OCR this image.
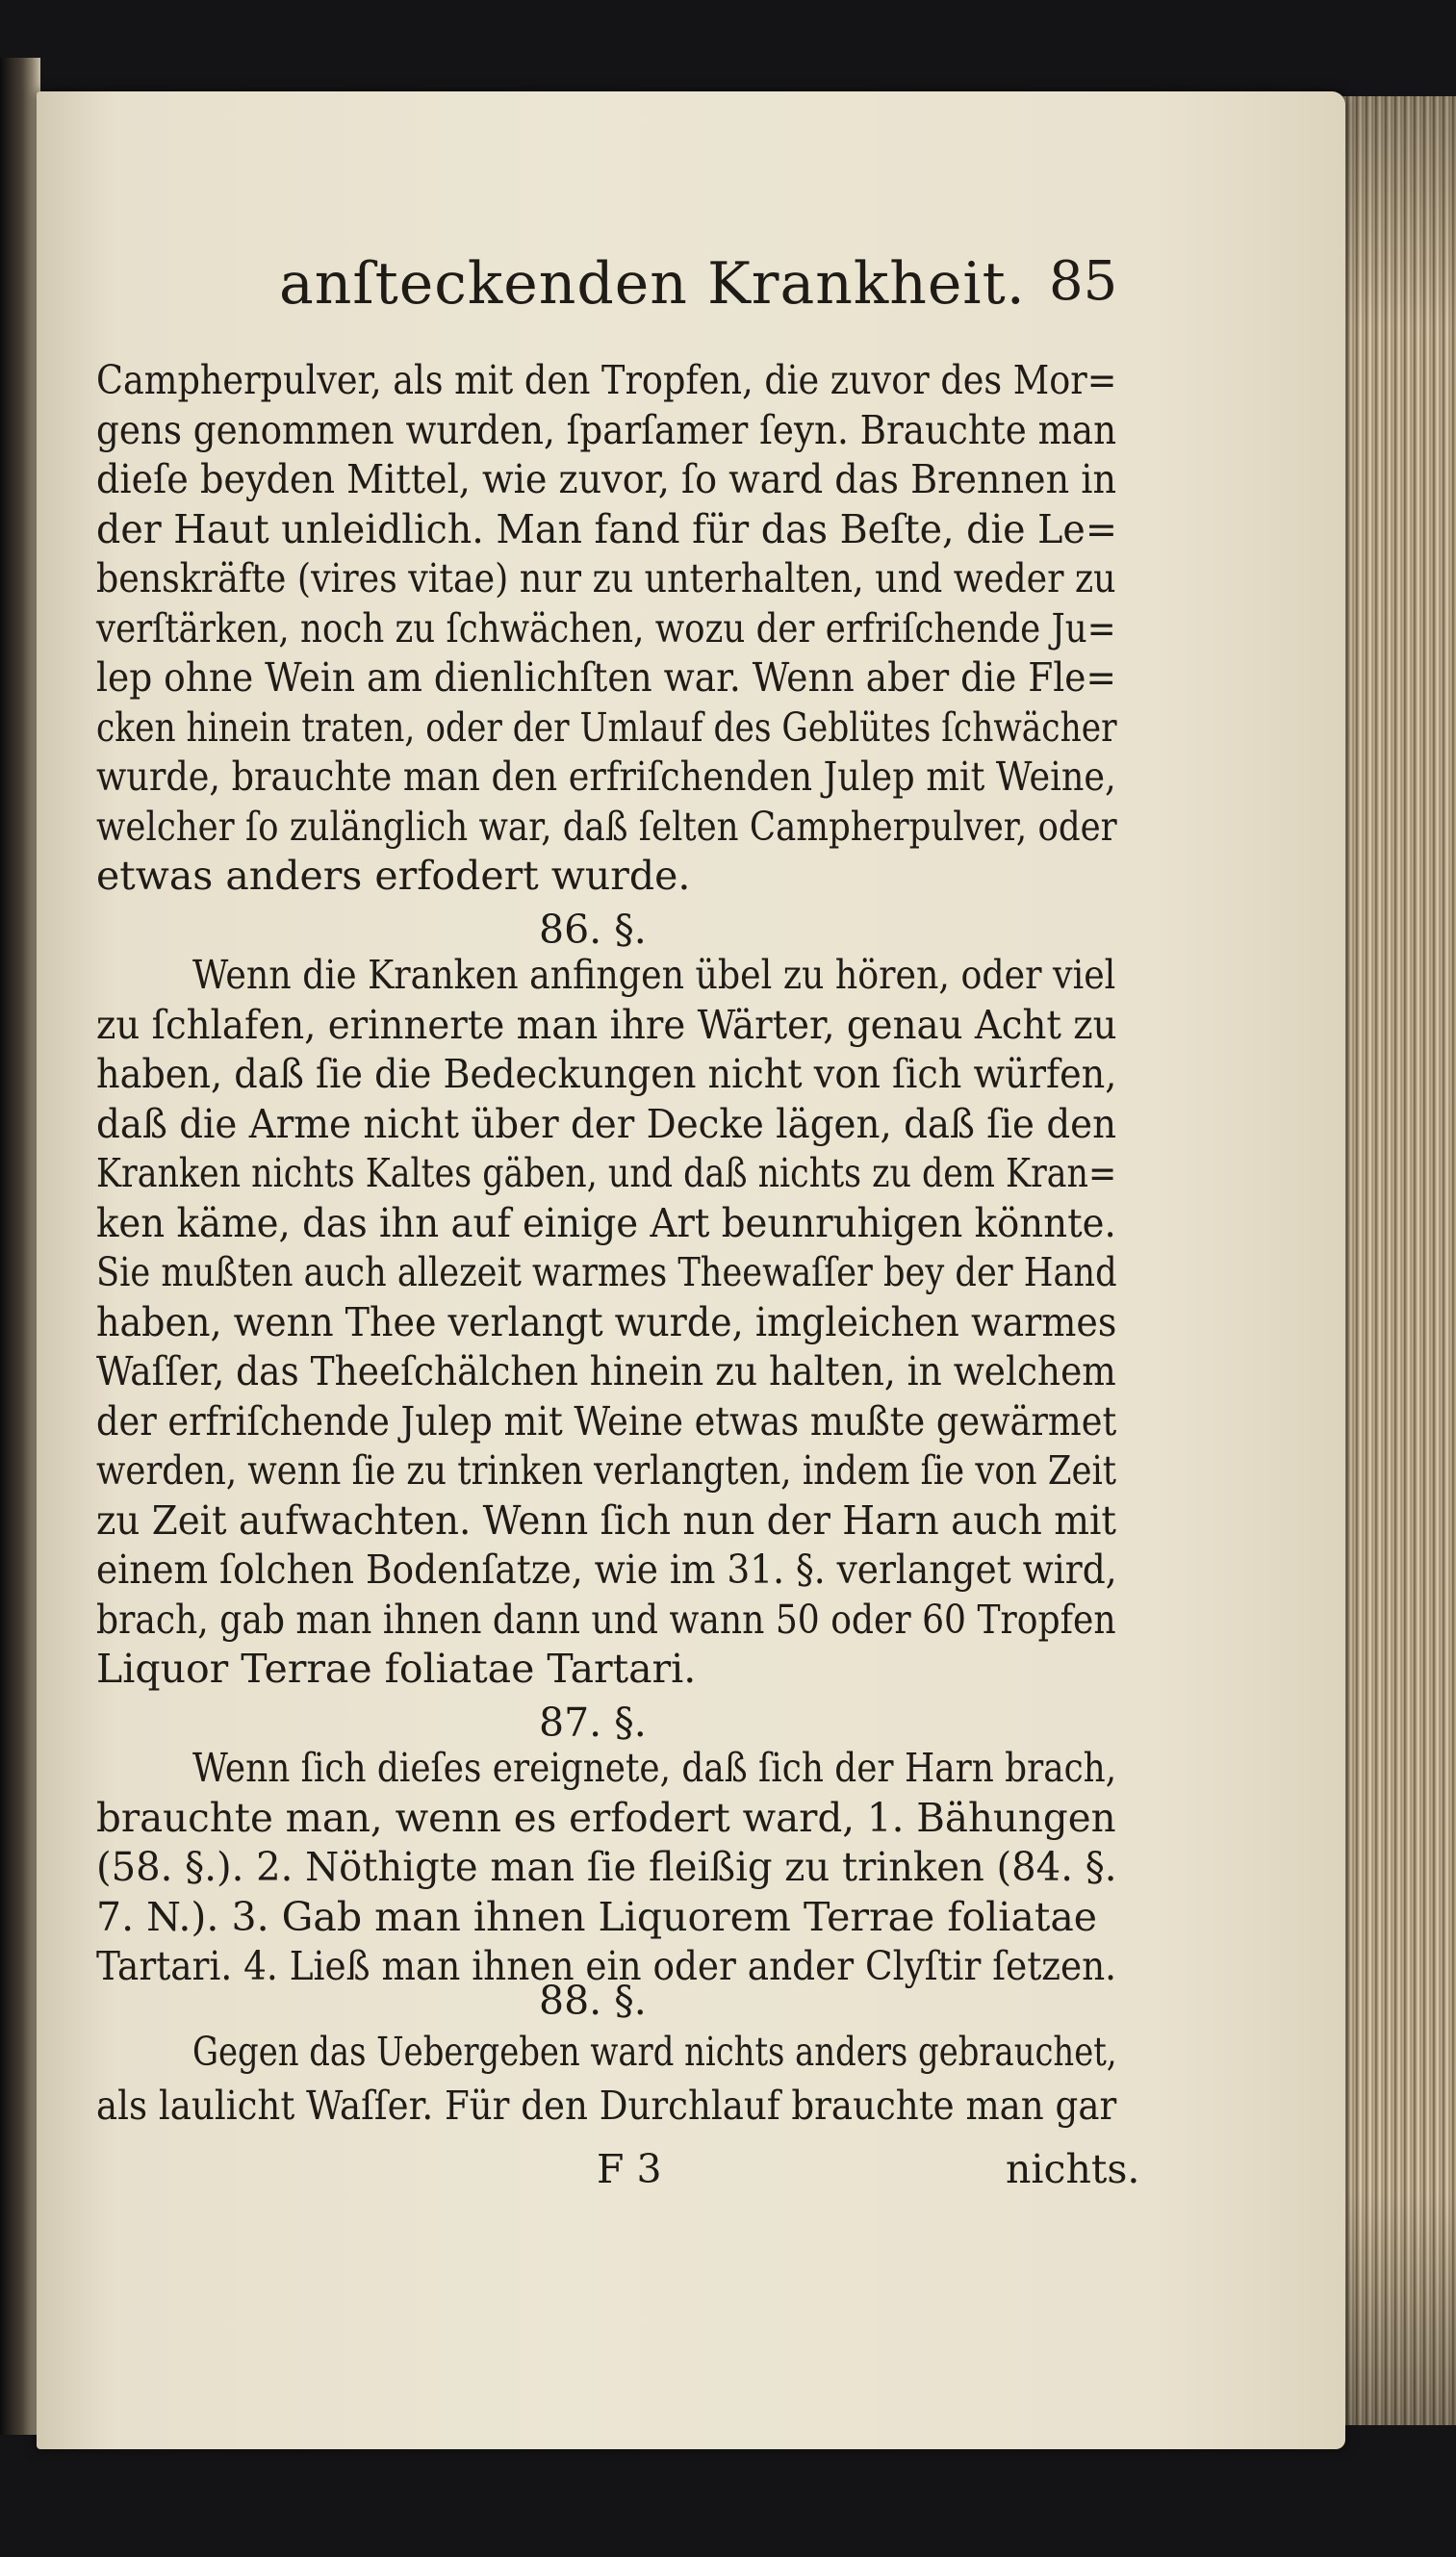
anſteckenden Krankheit. 85
Campherpulver, als mit den Tropfen, die zuvor des Mor=
gens genommen wurden, ſparſamer ſeyn. Brauchte man
dieſe beyden Mittel, wie zuvor, ſo ward das Brennen in
der Haut unleidlich. Man fand für das Beſte, die Le=
benskräfte (vires vitae) nur zu unterhalten, und weder zu
verſtärken, noch zu ſchwächen, wozu der erfriſchende Ju=
lep ohne Wein am dienlichſten war. Wenn aber die Fle=
cken hinein traten, oder der Umlauf des Geblütes ſchwächer
wurde, brauchte man den erfriſchenden Julep mit Weine,
welcher ſo zulänglich war, daß ſelten Campherpulver, oder
etwas anders erfodert wurde.
86. §.
Wenn die Kranken anfingen übel zu hören, oder viel
zu ſchlafen, erinnerte man ihre Wärter, genau Acht zu
haben, daß ſie die Bedeckungen nicht von ſich würfen,
daß die Arme nicht über der Decke lägen, daß ſie den
Kranken nichts Kaltes gäben, und daß nichts zu dem Kran=
ken käme, das ihn auf einige Art beunruhigen könnte.
Sie mußten auch allezeit warmes Theewaſſer bey der Hand
haben, wenn Thee verlangt wurde, imgleichen warmes
Waſſer, das Theeſchälchen hinein zu halten, in welchem
der erfriſchende Julep mit Weine etwas mußte gewärmet
werden, wenn ſie zu trinken verlangten, indem ſie von Zeit
zu Zeit aufwachten. Wenn ſich nun der Harn auch mit
einem ſolchen Bodenſatze, wie im 31. §. verlanget wird,
brach, gab man ihnen dann und wann 50 oder 60 Tropfen
Liquor Terrae foliatae Tartari.
87. §.
Wenn ſich dieſes ereignete, daß ſich der Harn brach,
brauchte man, wenn es erfodert ward, 1. Bähungen
(58. §.). 2. Nöthigte man ſie fleißig zu trinken (84. §.
7. N.). 3. Gab man ihnen Liquorem Terrae foliatae
Tartari. 4. Ließ man ihnen ein oder ander Clyſtir ſetzen.
88. §.
Gegen das Uebergeben ward nichts anders gebrauchet,
als laulicht Waſſer. Für den Durchlauf brauchte man gar
F 3	nichts.
